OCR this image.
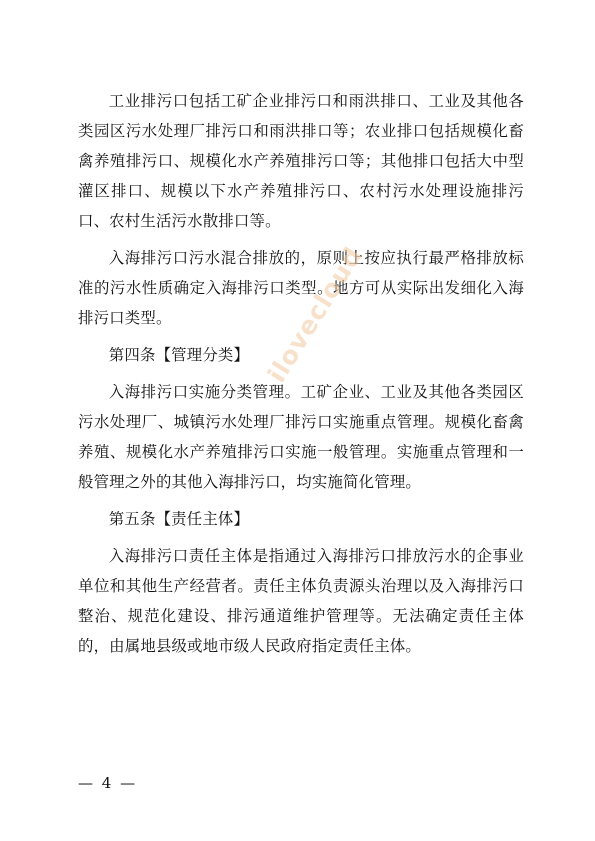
工业排污口包括工矿企业排污口和雨洪排口、工业及其他各类园区污水处理厂排污口和雨洪排口等；农业排口包括规模化畜禽养殖排污口、规模化水产养殖排污口等；其他排口包括大中型灌区排口、规模以下水产养殖排污口、农村污水处理设施排污口、农村生活污水散排口等。

入海排污口污水混合排放的，原则上按应执行最严格排放标准的污水性质确定入海排污口类型。地方可从实际出发细化入海排污口类型。

第四条【管理分类】

入海排污口实施分类管理。工矿企业、工业及其他各类园区污水处理厂、城镇污水处理厂排污口实施重点管理。规模化畜禽养殖、规模化水产养殖排污口实施一般管理。实施重点管理和一般管理之外的其他入海排污口，均实施简化管理。

第五条【责任主体】

入海排污口责任主体是指通过入海排污口排放污水的企事业单位和其他生产经营者。责任主体负责源头治理以及入海排污口整治、规范化建设、排污通道维护管理等。无法确定责任主体的，由属地县级或地市级人民政府指定责任主体。

ilovecloud
— 4 —
